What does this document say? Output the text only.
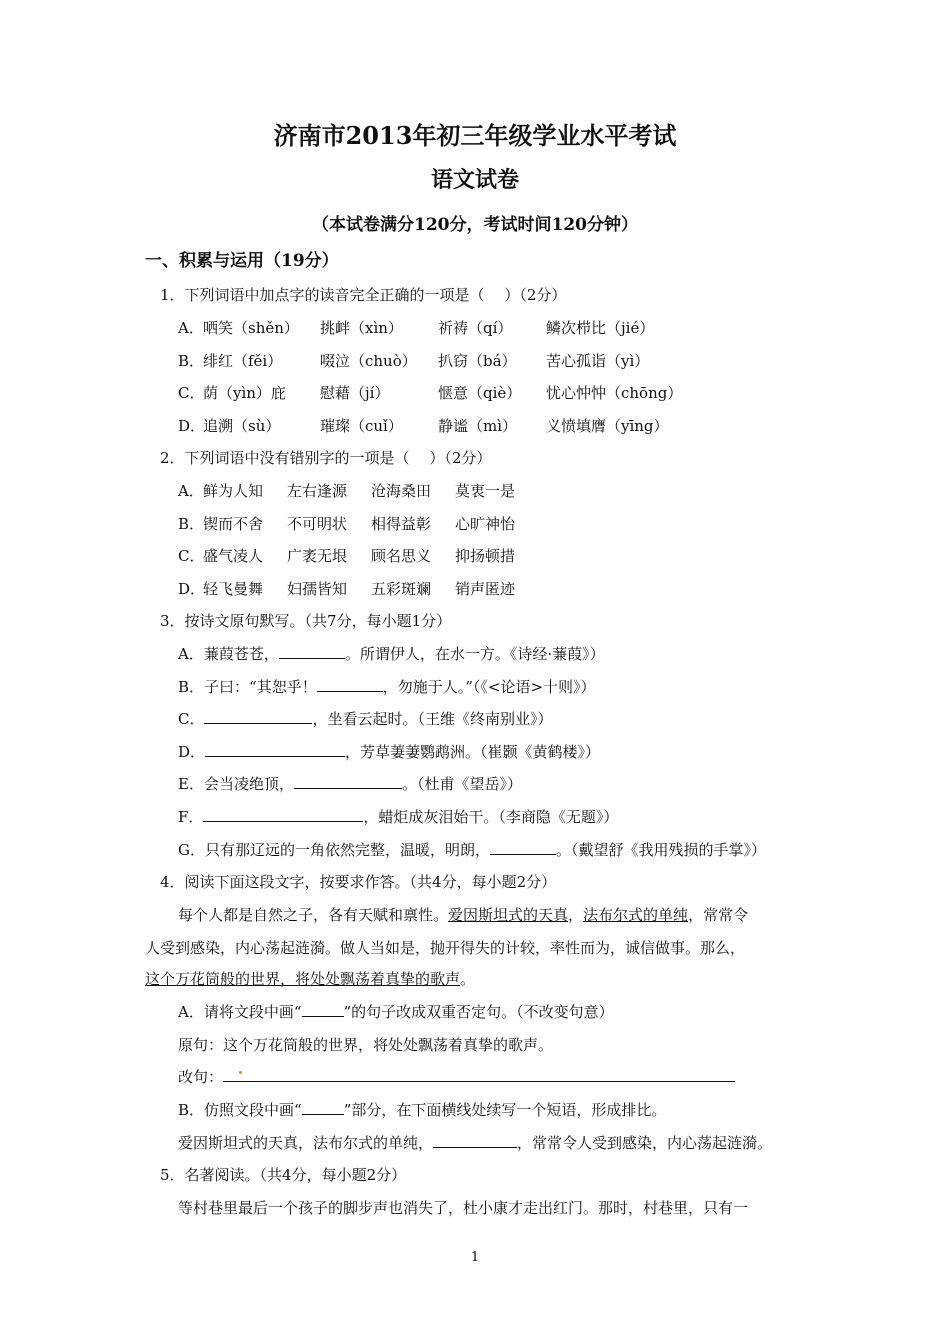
济南市2013年初三年级学业水平考试
语文试卷
（本试卷满分120分，考试时间120分钟）
一、积累与运用（19分）
1．下列词语中加点字的读音完全正确的一项是（　 ）（2分）
A．哂笑（shěn） 挑衅（xìn） 祈祷（qí） 鳞次栉比（jié）
B．绯红（fěi）	啜泣（chuò） 扒窃（bá） 苦心孤诣（yì）
C．荫（yìn）庇 慰藉（jí）	惬意（qiè） 忧心忡忡（chōng）
D．追溯（sù）	璀璨（cuǐ） 静谧（mì） 义愤填膺（yīng）
2．下列词语中没有错别字的一项是（　 ）（2分）
A．鲜为人知 左右逢源 沧海桑田 莫衷一是
B．锲而不舍 不可明状 相得益彰 心旷神怡
C．盛气凌人 广袤无垠 顾名思义 抑扬顿措
D．轻飞曼舞 妇孺皆知 五彩斑斓 销声匿迹
3．按诗文原句默写。（共7分，每小题1分）
A．蒹葭苍苍，	。所谓伊人，在水一方。《诗经·蒹葭》）
B．子曰：“其恕乎！	，勿施于人。”（《<论语>十则》）
C．	，坐看云起时。（王维《终南别业》）
D．	，芳草萋萋鹦鹉洲。（崔颢《黄鹤楼》）
E．会当凌绝顶，	。（杜甫《望岳》）
F．	，蜡炬成灰泪始干。（李商隐《无题》）
G．只有那辽远的一角依然完整，温暖，明朗，	。（戴望舒《我用残损的手掌》）
4．阅读下面这段文字，按要求作答。（共4分，每小题2分）
每个人都是自然之子，各有天赋和禀性。爱因斯坦式的天真，法布尔式的单纯，常常令
人受到感染，内心荡起涟漪。做人当如是，抛开得失的计较，率性而为，诚信做事。那么，
这个万花筒般的世界，将处处飘荡着真挚的歌声。
A．请将文段中画“	”的句子改成双重否定句。（不改变句意）
原句：这个万花筒般的世界，将处处飘荡着真挚的歌声。
改句：
B．仿照文段中画“	”部分，在下面横线处续写一个短语，形成排比。
爱因斯坦式的天真，法布尔式的单纯，	，常常令人受到感染，内心荡起涟漪。
5．名著阅读。（共4分，每小题2分）
等村巷里最后一个孩子的脚步声也消失了，杜小康才走出红门。那时，村巷里，只有一
1
